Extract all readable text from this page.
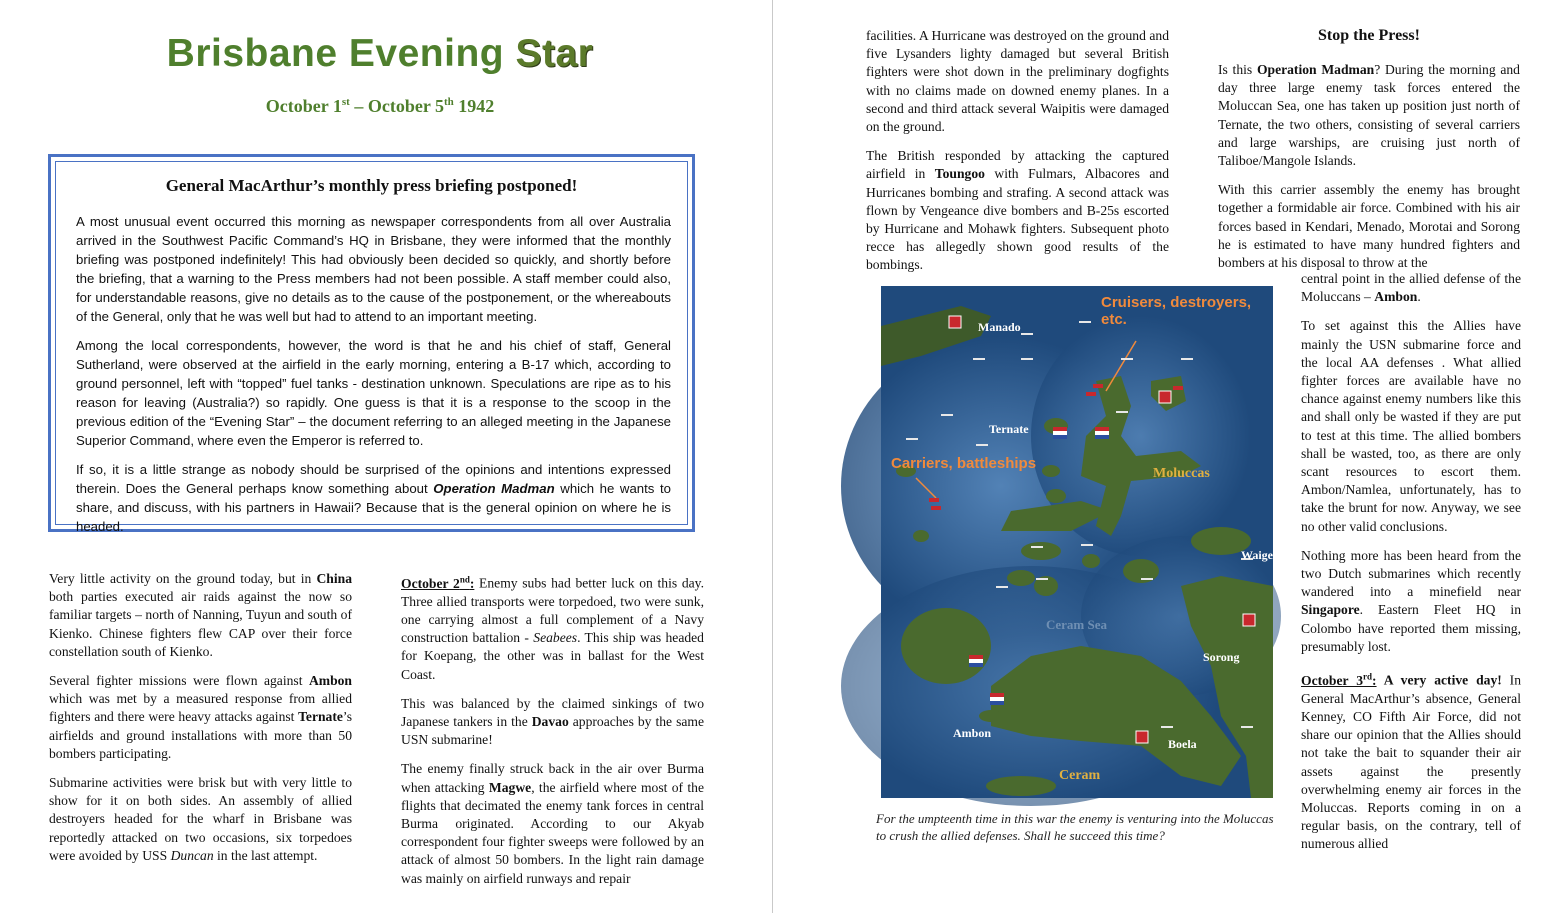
Brisbane Evening Star
October 1st – October 5th 1942
General MacArthur’s monthly press briefing postponed!

A most unusual event occurred this morning as newspaper correspondents from all over Australia arrived in the Southwest Pacific Command’s HQ in Brisbane, they were informed that the monthly briefing was postponed indefinitely! This had obviously been decided so quickly, and shortly before the briefing, that a warning to the Press members had not been possible. A staff member could also, for understandable reasons, give no details as to the cause of the postponement, or the whereabouts of the General, only that he was well but had to attend to an important meeting.

Among the local correspondents, however, the word is that he and his chief of staff, General Sutherland, were observed at the airfield in the early morning, entering a B-17 which, according to ground personnel, left with “topped” fuel tanks - destination unknown. Speculations are ripe as to his reason for leaving (Australia?) so rapidly. One guess is that it is a response to the scoop in the previous edition of the “Evening Star” – the document referring to an alleged meeting in the Japanese Superior Command, where even the Emperor is referred to.

If so, it is a little strange as nobody should be surprised of the opinions and intentions expressed therein. Does the General perhaps know something about Operation Madman which he wants to share, and discuss, with his partners in Hawaii? Because that is the general opinion on where he is headed.

Very little activity on the ground today, but in China both parties executed air raids against the now so familiar targets – north of Nanning, Tuyun and south of Kienko. Chinese fighters flew CAP over their force constellation south of Kienko.

Several fighter missions were flown against Ambon which was met by a measured response from allied fighters and there were heavy attacks against Ternate’s airfields and ground installations with more than 50 bombers participating.

Submarine activities were brisk but with very little to show for it on both sides. An assembly of allied destroyers headed for the wharf in Brisbane was reportedly attacked on two occasions, six torpedoes were avoided by USS Duncan in the last attempt.

October 2nd: Enemy subs had better luck on this day. Three allied transports were torpedoed, two were sunk, one carrying almost a full complement of a Navy construction battalion - Seabees. This ship was headed for Koepang, the other was in ballast for the West Coast.

This was balanced by the claimed sinkings of two Japanese tankers in the Davao approaches by the same USN submarine!

The enemy finally struck back in the air over Burma when attacking Magwe, the airfield where most of the flights that decimated the enemy tank forces in central Burma originated. According to our Akyab correspondent four fighter sweeps were followed by an attack of almost 50 bombers. In the light rain damage was mainly on airfield runways and repair

facilities. A Hurricane was destroyed on the ground and five Lysanders lighty damaged but several British fighters were shot down in the preliminary dogfights with no claims made on downed enemy planes. In a second and third attack several Waipitis were damaged on the ground.

The British responded by attacking the captured airfield in Toungoo with Fulmars, Albacores and Hurricanes bombing and strafing. A second attack was flown by Vengeance dive bombers and B-25s escorted by Hurricane and Mohawk fighters. Subsequent photo recce has allegedly shown good results of the bombings.

Manado
Ternate
Moluccas
Waigeo
Ceram Sea
Sorong
Ambon
Boela
Ceram
Cruisers, destroyers, etc.
Carriers, battleships
For the umpteenth time in this war the enemy is venturing into the Moluccas to crush the allied defenses. Shall he succeed this time?
Stop the Press!

Is this Operation Madman? During the morning and day three large enemy task forces entered the Moluccan Sea, one has taken up position just north of Ternate, the two others, consisting of several carriers and large warships, are cruising just north of Taliboe/Mangole Islands.

With this carrier assembly the enemy has brought together a formidable air force. Combined with his air forces based in Kendari, Menado, Morotai and Sorong he is estimated to have many hundred fighters and bombers at his disposal to throw at the

central point in the allied defense of the Moluccans – Ambon.

To set against this the Allies have mainly the USN submarine force and the local AA defenses . What allied fighter forces are available have no chance against enemy numbers like this and shall only be wasted if they are put to test at this time. The allied bombers shall be wasted, too, as there are only scant resources to escort them. Ambon/Namlea, unfortunately, has to take the brunt for now. Anyway, we see no other valid conclusions.

Nothing more has been heard from the two Dutch submarines which recently wandered into a minefield near Singapore. Eastern Fleet HQ in Colombo have reported them missing, presumably lost.

October 3rd: A very active day! In General MacArthur’s absence, General Kenney, CO Fifth Air Force, did not share our opinion that the Allies should not take the bait to squander their air assets against the presently overwhelming enemy air forces in the Moluccas. Reports coming in on a regular basis, on the contrary, tell of numerous allied
